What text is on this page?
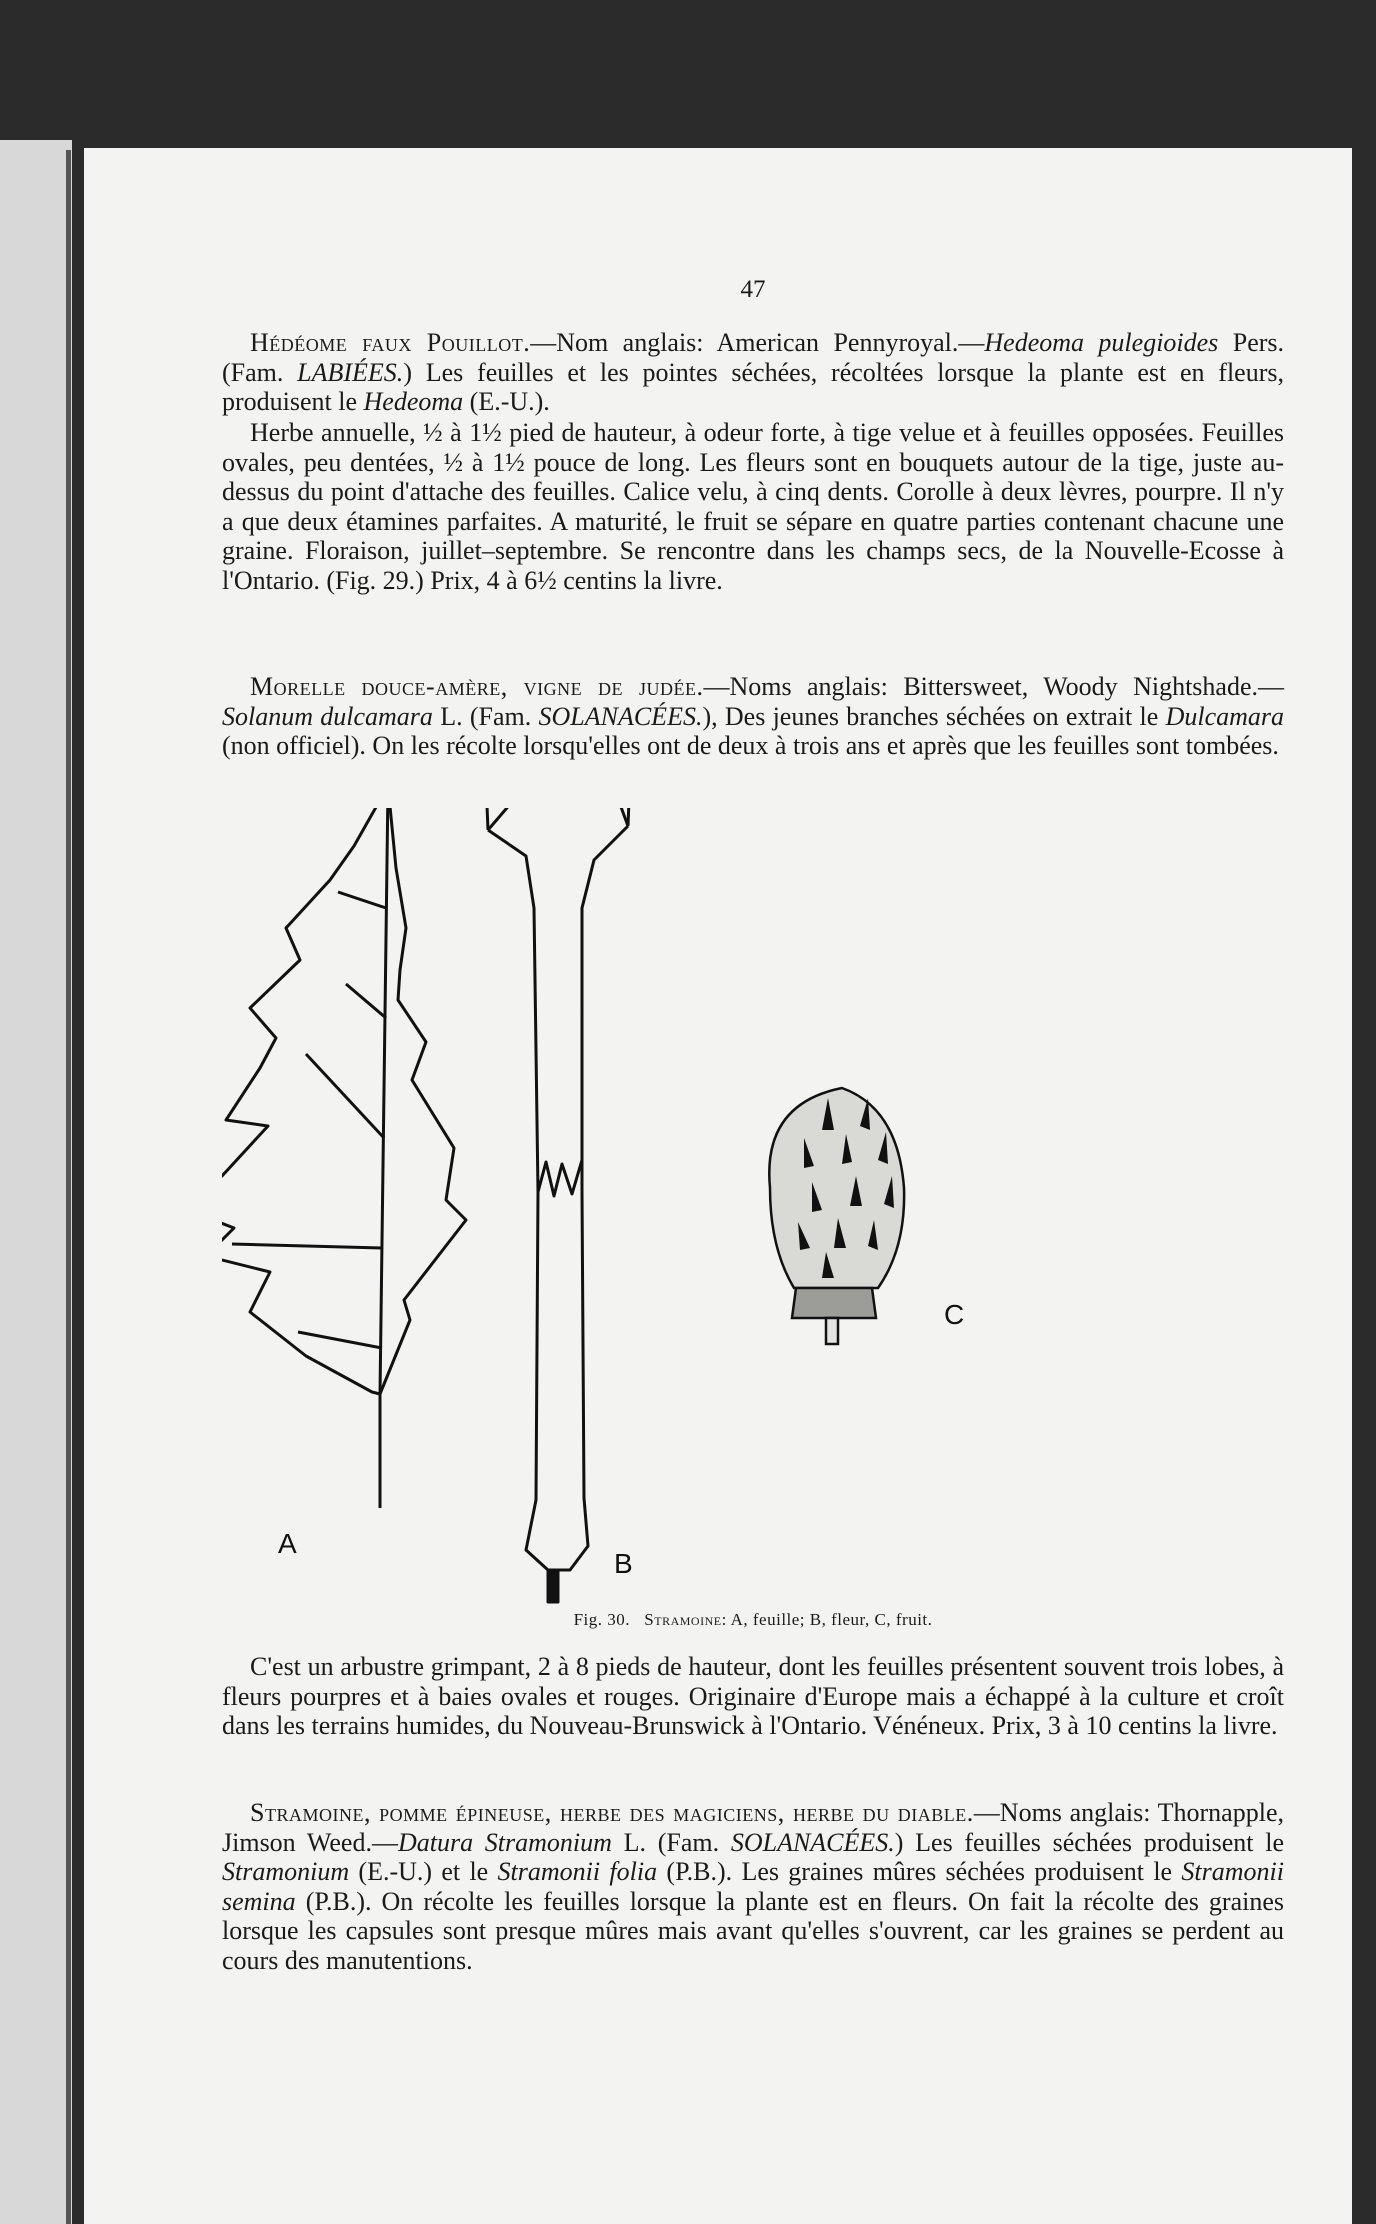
47

Hédéome faux Pouillot.—Nom anglais: American Pennyroyal.—Hedeoma pulegioides Pers. (Fam. LABIÉES.) Les feuilles et les pointes séchées, récoltées lorsque la plante est en fleurs, produisent le Hedeoma (E.-U.).

Herbe annuelle, ½ à 1½ pied de hauteur, à odeur forte, à tige velue et à feuilles opposées. Feuilles ovales, peu dentées, ½ à 1½ pouce de long. Les fleurs sont en bouquets autour de la tige, juste au-dessus du point d'attache des feuilles. Calice velu, à cinq dents. Corolle à deux lèvres, pourpre. Il n'y a que deux étamines parfaites. A maturité, le fruit se sépare en quatre parties contenant chacune une graine. Floraison, juillet–septembre. Se rencontre dans les champs secs, de la Nouvelle-Ecosse à l'Ontario. (Fig. 29.) Prix, 4 à 6½ centins la livre.

Morelle douce-amère, vigne de judée.—Noms anglais: Bittersweet, Woody Nightshade.—Solanum dulcamara L. (Fam. SOLANACÉES.), Des jeunes branches séchées on extrait le Dulcamara (non officiel). On les récolte lorsqu'elles ont de deux à trois ans et après que les feuilles sont tombées.

A
B
C
Fig. 30. Stramoine: A, feuille; B, fleur, C, fruit.

C'est un arbustre grimpant, 2 à 8 pieds de hauteur, dont les feuilles présentent souvent trois lobes, à fleurs pourpres et à baies ovales et rouges. Originaire d'Europe mais a échappé à la culture et croît dans les terrains humides, du Nouveau-Brunswick à l'Ontario. Vénéneux. Prix, 3 à 10 centins la livre.

Stramoine, pomme épineuse, herbe des magiciens, herbe du diable.—Noms anglais: Thornapple, Jimson Weed.—Datura Stramonium L. (Fam. SOLANACÉES.) Les feuilles séchées produisent le Stramonium (E.-U.) et le Stramonii folia (P.B.). Les graines mûres séchées produisent le Stramonii semina (P.B.). On récolte les feuilles lorsque la plante est en fleurs. On fait la récolte des graines lorsque les capsules sont presque mûres mais avant qu'elles s'ouvrent, car les graines se perdent au cours des manutentions.
